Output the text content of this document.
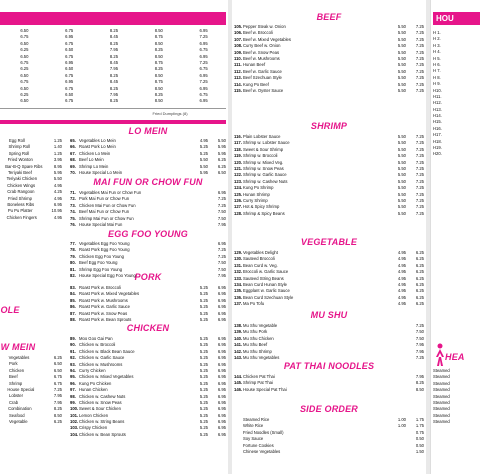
6.50	6.75	8.25	8.50	6.95
6.75	6.95	8.45	8.75	7.25
6.50	6.75	8.25	8.50	6.95
6.25	6.50	7.95	8.25	6.75
6.50	6.75	8.25	8.50	6.95
6.75	6.95	8.45	8.75	7.25
6.25	6.50	7.95	8.25	6.75
6.50	6.75	8.25	8.50	6.95
6.75	6.95	8.45	8.75	7.25
6.50	6.75	8.25	8.50	6.95
6.25	6.50	7.95	8.25	6.75
6.50	6.75	8.25	8.50	6.95
Fried Dumplings (8)
LO MEIN
65. Vegetables Lo Mein	4.95	5.50
66. Roast Pork Lo Mein	5.25	5.95
67. Chicken Lo Mein	5.25	5.95
68. Beef Lo Mein	5.50	6.25
69. Shrimp Lo Mein	5.50	6.25
70. House Special Lo Mein	5.95	6.50
MAI FUN OR CHOW FUN
71. Vegetables Mai Fun or Chow Fun	6.95
72. Pork Mai Fun or Chow Fun	7.25
73. Chicken Mai Fun or Chow Fun	7.25
74. Beef Mai Fun or Chow Fun	7.50
75. Shrimp Mai Fun or Chow Fun	7.50
76. House Special Mai Fun	7.95
EGG FOO YOUNG
77. Vegetables Egg Foo Young	6.95
78. Roast Pork Egg Foo Young	7.25
79. Chicken Egg Foo Young	7.25
80. Beef Egg Foo Young	7.50
81. Shrimp Egg Foo Young	7.50
82. House Special Egg Foo Young	7.95
PORK
83. Roast Pork w. Broccoli	5.25	6.95
84. Roast Pork w. Mixed Vegetables	5.25	6.95
85. Roast Pork w. Mushrooms	5.25	6.95
86. Roast Pork w. Garlic Sauce	5.25	6.95
87. Roast Pork w. Snow Peas	5.25	6.95
88. Roast Pork w. Bean Sprouts	5.25	6.95
CHICKEN
89. Moo Goo Gai Pan	5.25	6.95
90. Chicken w. Broccoli	5.25	6.95
91. Chicken w. Black Bean Sauce	5.25	6.95
92. Chicken w. Garlic Sauce	5.25	6.95
93. Chicken w. Mushrooms	5.25	6.95
94. Curry Chicken	5.25	6.95
95. Chicken w. Mixed Vegetables	5.25	6.95
96. Kung Po Chicken	5.25	6.95
97. Hunan Chicken	5.25	6.95
98. Chicken w. Cashew Nuts	5.25	6.95
99. Chicken w. Snow Peas	5.25	6.95
100. Sweet & Sour Chicken	5.25	6.95
101. Lemon Chicken	5.25	6.95
102. Chicken w. String Beans	5.25	6.95
103. Crispy Chicken	5.25	6.95
104. Chicken w. Bean Sprouts	5.25	6.95
Egg Roll	1.25
Shrimp Roll	1.40
Spring Roll	1.25
Fried Wonton	3.95
Bar-B-Q Spare Ribs	8.95
Teriyaki Beef	5.95
Teriyaki Chicken	5.50
Chicken Wings	4.95
Crab Rangoon	4.25
Fried Shrimp	4.95
Boneless Ribs	6.95
Pu Pu Platter	10.95
Chicken Fingers	4.95
OLE
W MEIN
Vegetables	6.25
Pork	6.50
Chicken	6.50
Beef	6.75
Shrimp	6.75
House Special	7.25
Lobster	7.95
Crab	7.95
Combination	8.25
Seafood	8.50
Vegetable	6.25
BEEF
105. Pepper Steak w. Onion	5.50	7.25
106. Beef w. Broccoli	5.50	7.25
107. Beef w. Mixed Vegetables	5.50	7.25
108. Curry Beef w. Onion	5.50	7.25
109. Beef w. Snow Peas	5.50	7.25
110. Beef w. Mushrooms	5.50	7.25
111. Hunan Beef	5.50	7.25
112. Beef w. Garlic Sauce	5.50	7.25
113. Beef Szechuan Style	5.50	7.25
114. Kung Po Beef	5.50	7.25
115. Beef w. Oyster Sauce	5.50	7.25
SHRIMP
116. Plain Lobster Sauce	5.50	7.25
117. Shrimp w. Lobster Sauce	5.50	7.25
118. Sweet & Sour Shrimp	5.50	7.25
119. Shrimp w. Broccoli	5.50	7.25
120. Shrimp w. Mixed Veg.	5.50	7.25
121. Shrimp w. Snow Peas	5.50	7.25
122. Shrimp w. Garlic Sauce	5.50	7.25
123. Shrimp w. Cashew Nuts	5.50	7.25
124. Kung Po Shrimp	5.50	7.25
125. Hunan Shrimp	5.50	7.25
126. Curry Shrimp	5.50	7.25
127. Hot & Spicy Shrimp	5.50	7.25
128. Shrimp & Spicy Beans	5.50	7.25
VEGETABLE
129. Vegetables Delight	4.95	6.25
130. Sauteed Broccoli	4.95	6.25
131. Bean Curd w. Veg.	4.95	6.25
132. Broccoli w. Garlic Sauce	4.95	6.25
133. Sauteed String Beans	4.95	6.25
134. Bean Curd Hunan Style	4.95	6.25
135. Eggplant w. Garlic Sauce	4.95	6.25
136. Bean Curd Szechuan Style	4.95	6.25
137. Ma Po Tofu	4.95	6.25
MU SHU
138. Mu Shu Vegetable	7.25
139. Mu Shu Pork	7.50
140. Mu Shu Chicken	7.50
141. Mu Shu Beef	7.95
142. Mu Shu Shrimp	7.95
143. Mu Shu Vegetables	7.25
PAT THAI NOODLES
144. Chicken Pat Thai	7.95
145. Shrimp Pat Thai	8.25
146. House Special Pat Thai	8.50
SIDE ORDER
Steamed Rice	1.00	1.75
White Rice	1.00	1.75
Fried Noodles (Small)	0.75
Soy Sauce	0.50
Fortune Cookies	0.50
Chinese Vegetables	1.50
HOU
H 1.
H 2.
H 3.
H 4.
H 5.
H 6.
H 7.
H 8.
H 9.
H10.
H11.
H12.
H13.
H14.
H15.
H16.
H17.
H18.
H19.
H20.
HEA
Steamed
Steamed
Steamed
Steamed
Steamed
Steamed
Steamed
Steamed
Steamed
